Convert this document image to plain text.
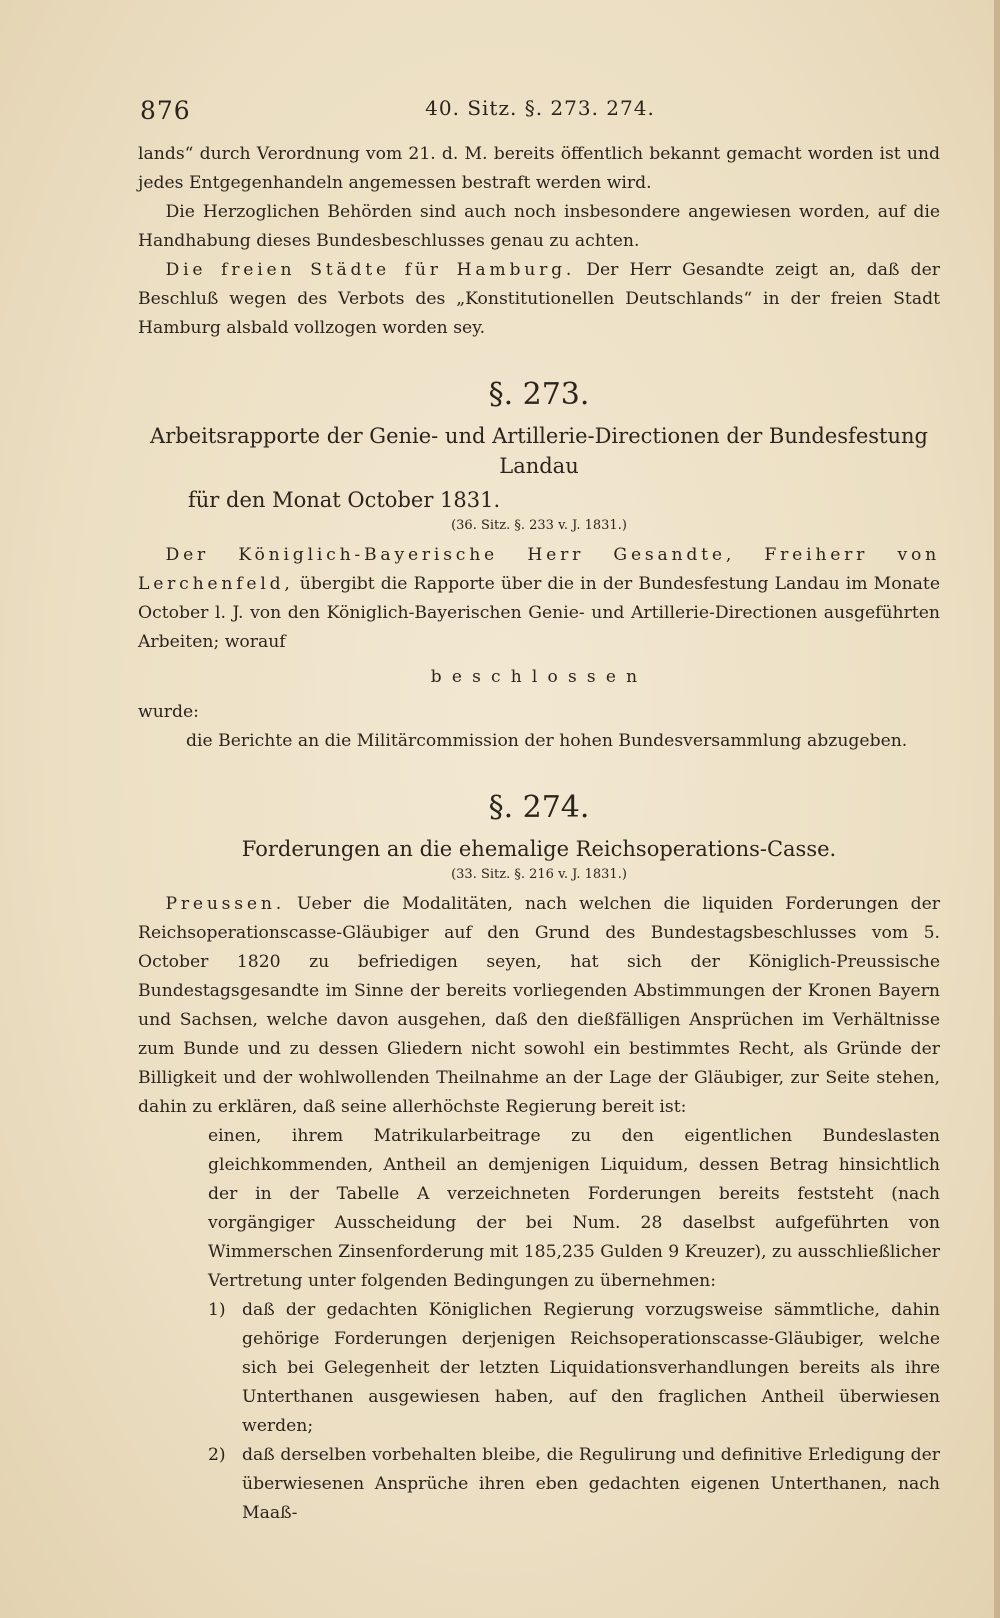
876	40. Sitz. §. 273. 274.

lands“ durch Verordnung vom 21. d. M. bereits öffentlich bekannt gemacht worden ist und jedes Entgegenhandeln angemessen bestraft werden wird.

Die Herzoglichen Behörden sind auch noch insbesondere angewiesen worden, auf die Handhabung dieses Bundesbeschlusses genau zu achten.

Die freien Städte für Hamburg. Der Herr Gesandte zeigt an, daß der Beschluß wegen des Verbots des „Konstitutionellen Deutschlands“ in der freien Stadt Hamburg alsbald vollzogen worden sey.

§. 273.
Arbeitsrapporte der Genie- und Artillerie-Directionen der Bundesfestung Landau
für den Monat October 1831.
(36. Sitz. §. 233 v. J. 1831.)

Der Königlich-Bayerische Herr Gesandte, Freiherr von Lerchenfeld, übergibt die Rapporte über die in der Bundesfestung Landau im Monate October l. J. von den Königlich-Bayerischen Genie- und Artillerie-Directionen ausgeführten Arbeiten; worauf

beschlossen

wurde:

die Berichte an die Militärcommission der hohen Bundesversammlung abzugeben.

§. 274.
Forderungen an die ehemalige Reichsoperations-Casse.
(33. Sitz. §. 216 v. J. 1831.)

Preussen. Ueber die Modalitäten, nach welchen die liquiden Forderungen der Reichsoperationscasse-Gläubiger auf den Grund des Bundestagsbeschlusses vom 5. October 1820 zu befriedigen seyen, hat sich der Königlich-Preussische Bundestagsgesandte im Sinne der bereits vorliegenden Abstimmungen der Kronen Bayern und Sachsen, welche davon ausgehen, daß den dießfälligen Ansprüchen im Verhältnisse zum Bunde und zu dessen Gliedern nicht sowohl ein bestimmtes Recht, als Gründe der Billigkeit und der wohlwollenden Theilnahme an der Lage der Gläubiger, zur Seite stehen, dahin zu erklären, daß seine allerhöchste Regierung bereit ist:

einen, ihrem Matrikularbeitrage zu den eigentlichen Bundeslasten gleichkommenden, Antheil an demjenigen Liquidum, dessen Betrag hinsichtlich der in der Tabelle A verzeichneten Forderungen bereits feststeht (nach vorgängiger Ausscheidung der bei Num. 28 daselbst aufgeführten von Wimmerschen Zinsenforderung mit 185,235 Gulden 9 Kreuzer), zu ausschließlicher Vertretung unter folgenden Bedingungen zu übernehmen:

1) daß der gedachten Königlichen Regierung vorzugsweise sämmtliche, dahin gehörige Forderungen derjenigen Reichsoperationscasse-Gläubiger, welche sich bei Gelegenheit der letzten Liquidationsverhandlungen bereits als ihre Unterthanen ausgewiesen haben, auf den fraglichen Antheil überwiesen werden;
2) daß derselben vorbehalten bleibe, die Regulirung und definitive Erledigung der überwiesenen Ansprüche ihren eben gedachten eigenen Unterthanen, nach Maaß-
